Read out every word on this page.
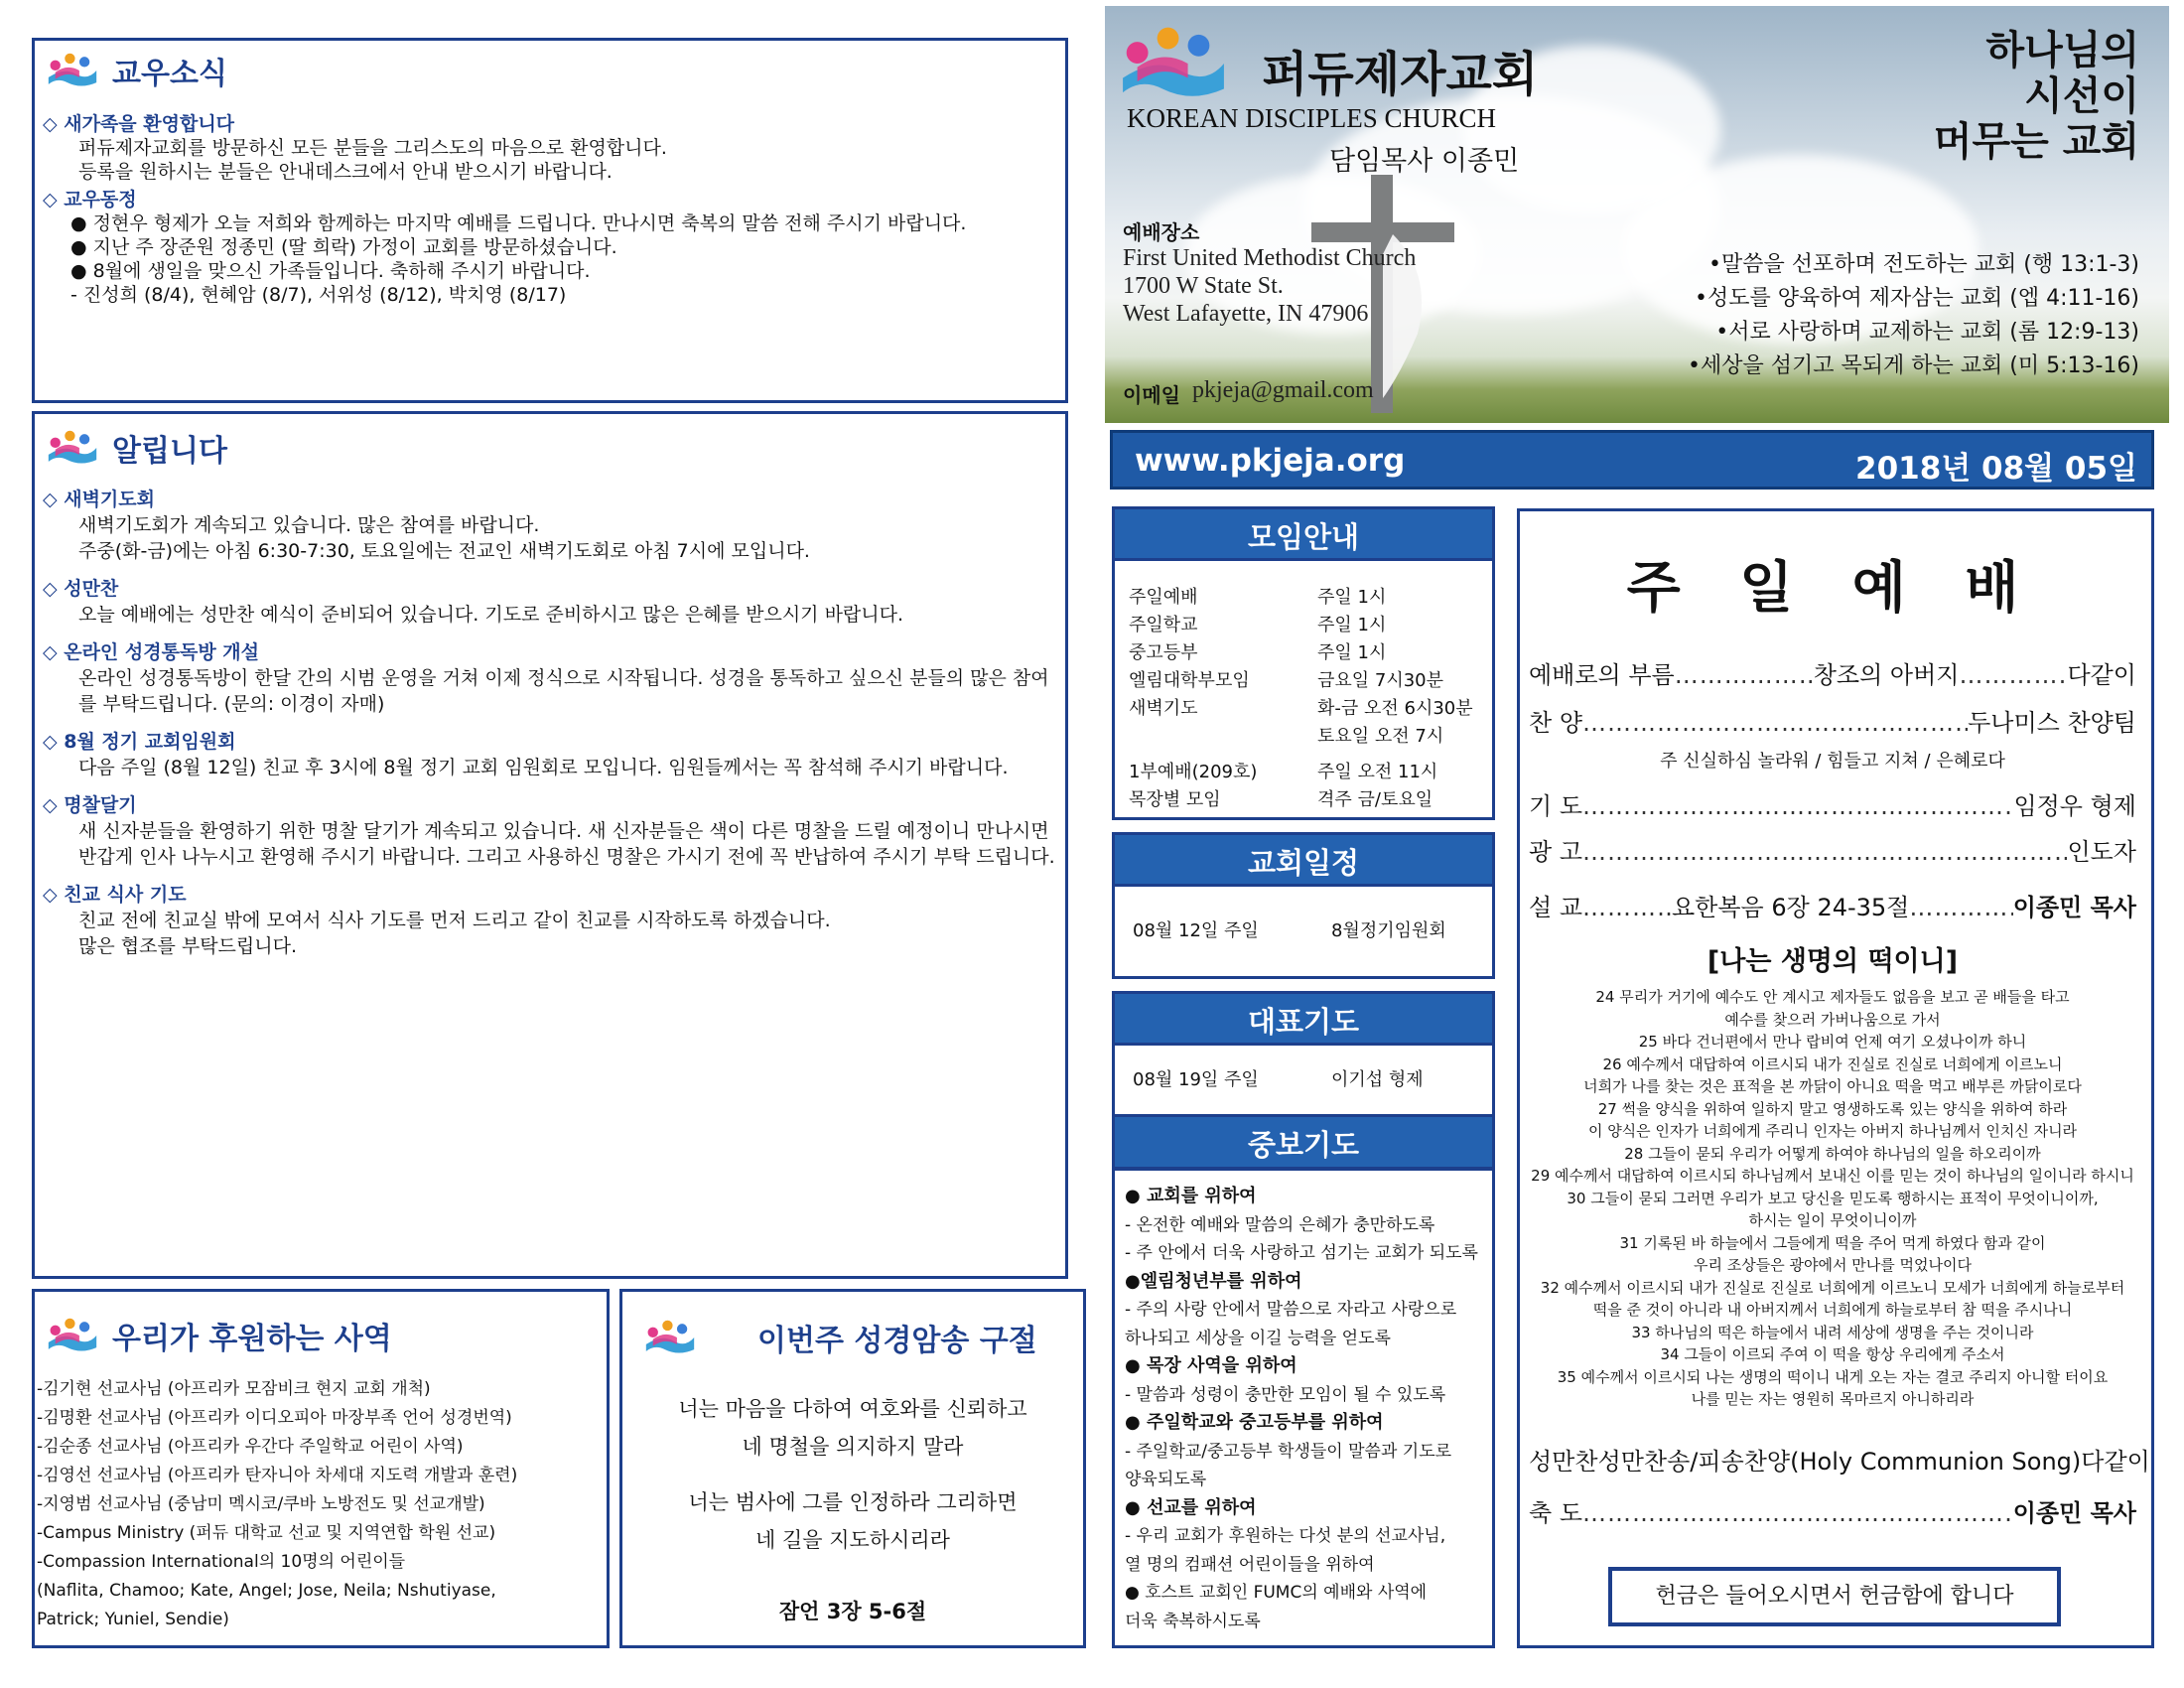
교우소식
◇ 새가족을 환영합니다
퍼듀제자교회를 방문하신 모든 분들을 그리스도의 마음으로 환영합니다.
등록을 원하시는 분들은 안내데스크에서 안내 받으시기 바랍니다.
◇ 교우동정
● 정현우 형제가 오늘 저희와 함께하는 마지막 예배를 드립니다. 만나시면 축복의 말씀 전해 주시기 바랍니다.
● 지난 주 장준원 정종민 (딸 희락) 가정이 교회를 방문하셨습니다.
● 8월에 생일을 맞으신 가족들입니다. 축하해 주시기 바랍니다.
- 진성희 (8/4), 현혜암 (8/7), 서위성 (8/12), 박치영 (8/17)
알립니다
◇ 새벽기도회
새벽기도회가 계속되고 있습니다. 많은 참여를 바랍니다.
주중(화-금)에는 아침 6:30-7:30, 토요일에는 전교인 새벽기도회로 아침 7시에 모입니다.
◇ 성만찬
오늘 예배에는 성만찬 예식이 준비되어 있습니다. 기도로 준비하시고 많은 은혜를 받으시기 바랍니다.
◇ 온라인 성경통독방 개설
온라인 성경통독방이 한달 간의 시범 운영을 거쳐 이제 정식으로 시작됩니다. 성경을 통독하고 싶으신 분들의 많은 참여
를 부탁드립니다. (문의: 이경이 자매)
◇ 8월 정기 교회임원회
다음 주일 (8월 12일) 친교 후 3시에 8월 정기 교회 임원회로 모입니다. 임원들께서는 꼭 참석해 주시기 바랍니다.
◇ 명찰달기
새 신자분들을 환영하기 위한 명찰 달기가 계속되고 있습니다. 새 신자분들은 색이 다른 명찰을 드릴 예정이니 만나시면
반갑게 인사 나누시고 환영해 주시기 바랍니다. 그리고 사용하신 명찰은 가시기 전에 꼭 반납하여 주시기 부탁 드립니다.
◇ 친교 식사 기도
친교 전에 친교실 밖에 모여서 식사 기도를 먼저 드리고 같이 친교를 시작하도록 하겠습니다.
많은 협조를 부탁드립니다.
우리가 후원하는 사역
-김기현 선교사님 (아프리카 모잠비크 현지 교회 개척)
-김명환 선교사님 (아프리카 이디오피아 마장부족 언어 성경번역)
-김순종 선교사님 (아프리카 우간다 주일학교 어린이 사역)
-김영선 선교사님 (아프리카 탄자니아 차세대 지도력 개발과 훈련)
-지영범 선교사님 (중남미 멕시코/쿠바 노방전도 및 선교개발)
-Campus Ministry (퍼듀 대학교 선교 및 지역연합 학원 선교)
-Compassion International의 10명의 어린이들
(Naflita, Chamoo; Kate, Angel; Jose, Neila; Nshutiyase,
Patrick; Yuniel, Sendie)
이번주 성경암송 구절
너는 마음을 다하여 여호와를 신뢰하고
네 명철을 의지하지 말라
너는 범사에 그를 인정하라 그리하면
네 길을 지도하시리라
잠언 3장 5-6절
퍼듀제자교회
KOREAN DISCIPLES CHURCH
담임목사 이종민
예배장소
First United Methodist Church
1700 W State St.
West Lafayette, IN 47906
이메일 pkjeja@gmail.com
하나님의
시선이
머무는 교회
•말씀을 선포하며 전도하는 교회 (행 13:1-3)
•성도를 양육하여 제자삼는 교회 (엡 4:11-16)
•서로 사랑하며 교제하는 교회 (롬 12:9-13)
•세상을 섬기고 목되게 하는 교회 (미 5:13-16)
www.pkjeja.org	2018년 08월 05일
모임안내
주일예배	주일 1시
주일학교	주일 1시
중고등부	주일 1시
엘림대학부모임	금요일 7시30분
새벽기도	화-금 오전 6시30분
토요일 오전 7시
1부예배(209호)	주일 오전 11시
목장별 모임	격주 금/토요일
교회일정
08월 12일 주일	8월정기임원회
대표기도
08월 19일 주일	이기섭 형제
중보기도
● 교회를 위하여
- 온전한 예배와 말씀의 은혜가 충만하도록
- 주 안에서 더욱 사랑하고 섬기는 교회가 되도록
●엘림청년부를 위하여
- 주의 사랑 안에서 말씀으로 자라고 사랑으로
하나되고 세상을 이길 능력을 얻도록
● 목장 사역을 위하여
- 말씀과 성령이 충만한 모임이 될 수 있도록
● 주일학교와 중고등부를 위하여
- 주일학교/중고등부 학생들이 말씀과 기도로
양육되도록
● 선교를 위하여
- 우리 교회가 후원하는 다섯 분의 선교사님,
열 명의 컴패션 어린이들을 위하여
● 호스트 교회인 FUMC의 예배와 사역에
더욱 축복하시도록
주 일 예 배
예배로의 부름 …………………………………………………………………………………………………………	창조의 아버지 …………………………………………………………………………………………………………	다같이
찬 양 …………………………………………………………………………………………………………	두나미스 찬양팀
기 도 …………………………………………………………………………………………………………	임정우 형제
광 고 …………………………………………………………………………………………………………	인도자
설 교 …………………………………………………………………………………………………………	요한복음 6장 24-35절 …………………………………………………………………………………………………………	이종민 목사
주 신실하심 놀라워 / 힘들고 지쳐 / 은혜로다
[나는 생명의 떡이니]
24 무리가 거기에 예수도 안 계시고 제자들도 없음을 보고 곧 배들을 타고
예수를 찾으러 가버나움으로 가서
25 바다 건너편에서 만나 랍비여 언제 여기 오셨나이까 하니
26 예수께서 대답하여 이르시되 내가 진실로 진실로 너희에게 이르노니
너희가 나를 찾는 것은 표적을 본 까닭이 아니요 떡을 먹고 배부른 까닭이로다
27 썩을 양식을 위하여 일하지 말고 영생하도록 있는 양식을 위하여 하라
이 양식은 인자가 너희에게 주리니 인자는 아버지 하나님께서 인치신 자니라
28 그들이 묻되 우리가 어떻게 하여야 하나님의 일을 하오리이까
29 예수께서 대답하여 이르시되 하나님께서 보내신 이를 믿는 것이 하나님의 일이니라 하시니
30 그들이 묻되 그러면 우리가 보고 당신을 믿도록 행하시는 표적이 무엇이니이까,
하시는 일이 무엇이니이까
31 기록된 바 하늘에서 그들에게 떡을 주어 먹게 하였다 함과 같이
우리 조상들은 광야에서 만나를 먹었나이다
32 예수께서 이르시되 내가 진실로 진실로 너희에게 이르노니 모세가 너희에게 하늘로부터
떡을 준 것이 아니라 내 아버지께서 너희에게 하늘로부터 참 떡을 주시나니
33 하나님의 떡은 하늘에서 내려 세상에 생명을 주는 것이니라
34 그들이 이르되 주여 이 떡을 항상 우리에게 주소서
35 예수께서 이르시되 나는 생명의 떡이니 내게 오는 자는 결코 주리지 아니할 터이요
나를 믿는 자는 영원히 목마르지 아니하리라
성만찬 성만찬송/피송찬양(Holy Communion Song) 다같이
축 도 …………………………………………………………………………………………………………	이종민 목사
헌금은 들어오시면서 헌금함에 합니다
